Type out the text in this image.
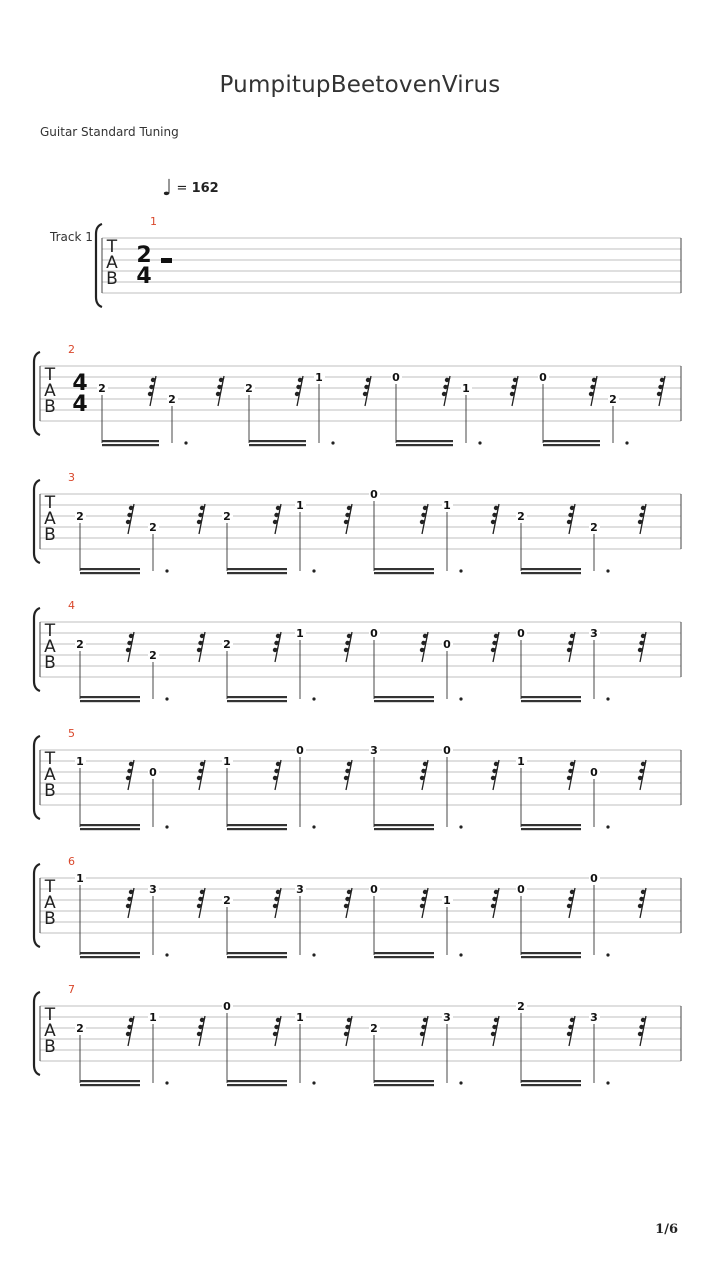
PumpitupBeetovenVirus
Guitar Standard Tuning
Track 1
♩ = 162
T
A
B
1
2
4
T
A
B
2
4
4
2
2
2
1	0
1
0
2
T
A
B
3
2
2
2
1
0
1
2
2
T
A
B
4
2
2
2
1	0
0
0	3
T
A
B
5
1
0
1
0	3	0
1
0
T
A
B
6
1
3
2
3	0
1
0
0
T
A
B
7
2
1
0
1
2
3
2
3
1/6
